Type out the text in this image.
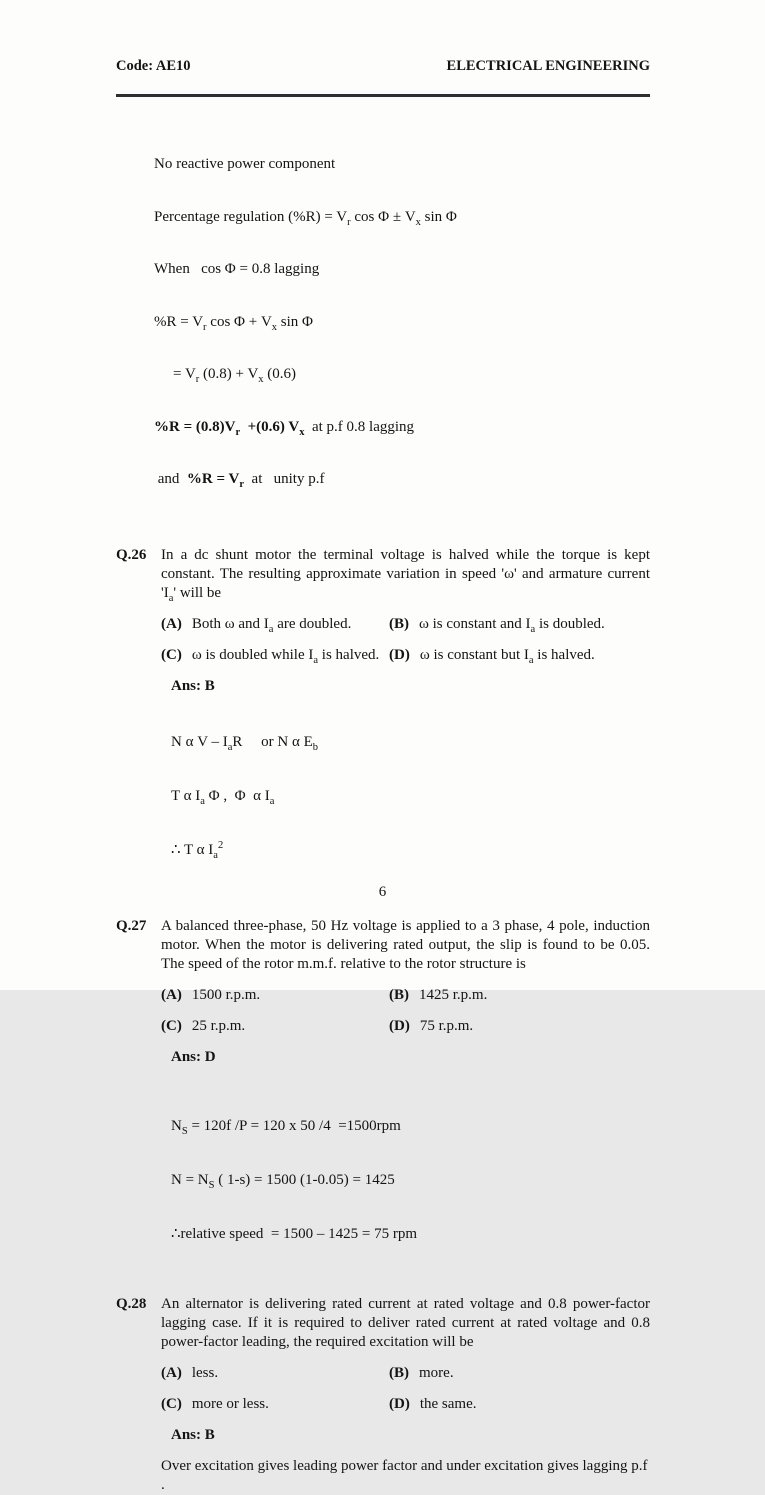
Code: AE10	ELECTRICAL ENGINEERING

No reactive power component

Percentage regulation $(\%R) = V_r$ $\cos \Phi \pm V_x$ sin Φ

When   cos Φ = 0.8 lagging

$\%R = V_r$ $\cos \Phi + V_x$ sin Φ

= $V_r$ $(0.8) + V_x$ (0.6)

$\%R = (0.8)V_r +(0.6)$ $V_x$  at p.f 0.8 lagging

and  $\%R = V_r$  at   unity p.f

Q.26 In a dc shunt motor the terminal voltage is halved while the torque is kept constant. The resulting approximate variation in speed 'ω' and armature current '$I_a$' will be

(A) Both ω and $I_a$ are doubled.	(B) ω is constant and $I_a$ is doubled.
(C) ω is doubled while $I_a$ is halved. (D) ω is constant but $I_a$ is halved.
Ans: B

N α V – $I_aR$     or N α $E_b$

T α $I_a$ Φ ,  Φ  α $I_a$

∴ T α $I_a^2$

Q.27 A balanced three-phase, 50 Hz voltage is applied to a 3 phase, 4 pole, induction motor. When the motor is delivering rated output, the slip is found to be 0.05. The speed of the rotor m.m.f. relative to the rotor structure is

(A) 1500 r.p.m.	(B) 1425 r.p.m.
(C) 25 r.p.m.	(D) 75 r.p.m.
Ans: D

$N_S = 120f$ /P = 120 x 50 /4  =1500rpm

$N = N_S$ ( 1-s) = 1500 (1-0.05) = 1425

∴relative speed  = 1500 – 1425 = 75 rpm

Q.28 An alternator is delivering rated current at rated voltage and 0.8 power-factor lagging case. If it is required to deliver rated current at rated voltage and 0.8 power-factor leading, the required excitation will be

(A) less.	(B) more.
(C) more or less.	(D) the same.
Ans: B
Over excitation gives leading power factor and under excitation gives lagging p.f .
6
